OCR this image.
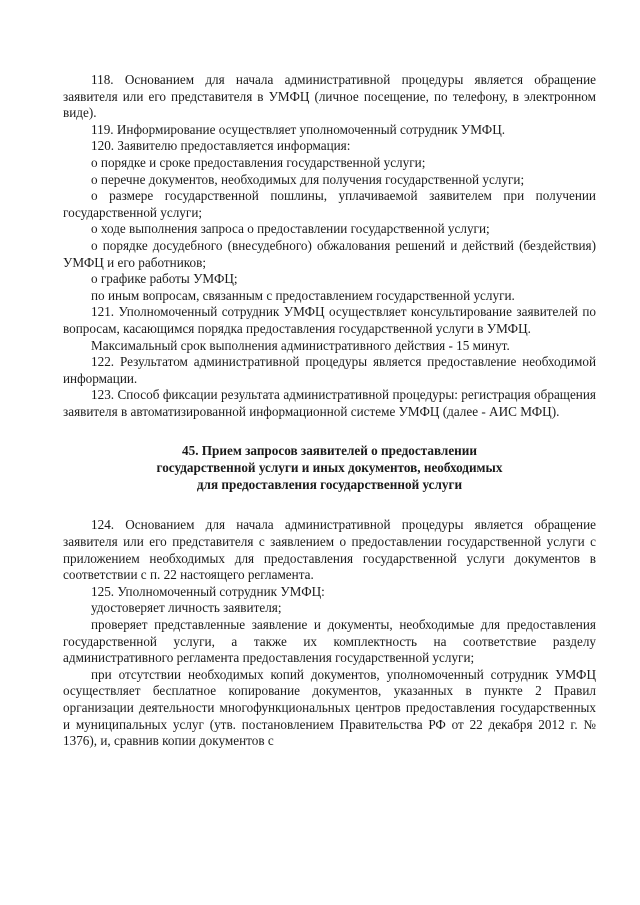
118. Основанием для начала административной процедуры является обращение заявителя или его представителя в УМФЦ (личное посещение, по телефону, в электронном виде).

119. Информирование осуществляет уполномоченный сотрудник УМФЦ.

120. Заявителю предоставляется информация:

о порядке и сроке предоставления государственной услуги;

о перечне документов, необходимых для получения государственной услуги;

о размере государственной пошлины, уплачиваемой заявителем при получении государственной услуги;

о ходе выполнения запроса о предоставлении государственной услуги;

о порядке досудебного (внесудебного) обжалования решений и действий (бездействия) УМФЦ и его работников;

о графике работы УМФЦ;

по иным вопросам, связанным с предоставлением государственной услуги.

121. Уполномоченный сотрудник УМФЦ осуществляет консультирование заявителей по вопросам, касающимся порядка предоставления государственной услуги в УМФЦ.

Максимальный срок выполнения административного действия - 15 минут.

122. Результатом административной процедуры является предоставление необходимой информации.

123. Способ фиксации результата административной процедуры: регистрация обращения заявителя в автоматизированной информационной системе УМФЦ (далее - АИС МФЦ).

45. Прием запросов заявителей о предоставлении
государственной услуги и иных документов, необходимых
для предоставления государственной услуги

124. Основанием для начала административной процедуры является обращение заявителя или его представителя с заявлением о предоставлении государственной услуги с приложением необходимых для предоставления государственной услуги документов в соответствии с п. 22 настоящего регламента.

125. Уполномоченный сотрудник УМФЦ:

удостоверяет личность заявителя;

проверяет представленные заявление и документы, необходимые для предоставления государственной услуги, а также их комплектность на соответствие разделу административного регламента предоставления государственной услуги;

при отсутствии необходимых копий документов, уполномоченный сотрудник УМФЦ осуществляет бесплатное копирование документов, указанных в пункте 2 Правил организации деятельности многофункциональных центров предоставления государственных и муниципальных услуг (утв. постановлением Правительства РФ от 22 декабря 2012 г. № 1376), и, сравнив копии документов с
